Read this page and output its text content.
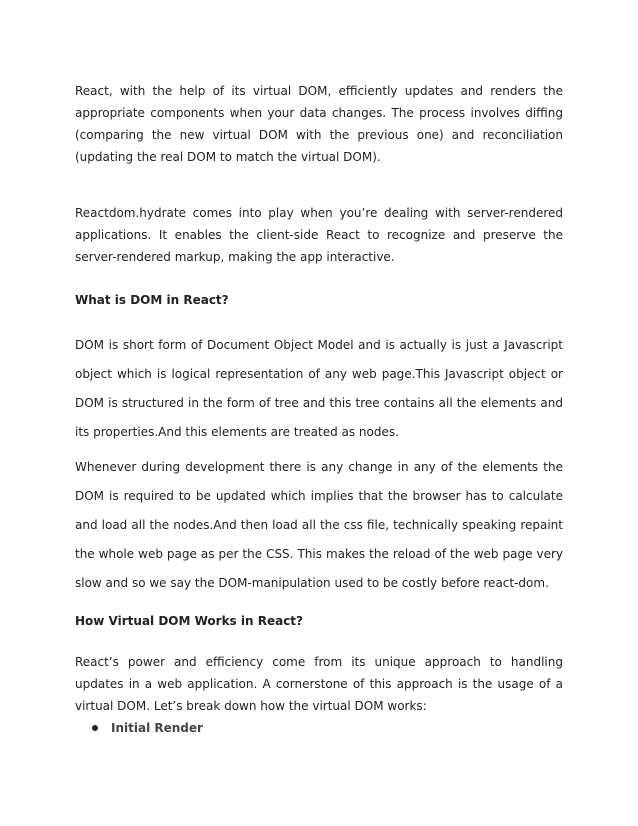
React, with the help of its virtual DOM, efficiently updates and renders the appropriate components when your data changes. The process involves diffing (comparing the new virtual DOM with the previous one) and reconciliation (updating the real DOM to match the virtual DOM).

Reactdom.hydrate comes into play when you’re dealing with server-rendered applications. It enables the client-side React to recognize and preserve the server-rendered markup, making the app interactive.

What is DOM in React?

DOM is short form of Document Object Model and is actually is just a Javascript object which is logical representation of any web page.This Javascript object or DOM is structured in the form of tree and this tree contains all the elements and its properties.And this elements are treated as nodes.

Whenever during development there is any change in any of the elements the DOM is required to be updated which implies that the browser has to calculate and load all the nodes.And then load all the css file, technically speaking repaint the whole web page as per the CSS. This makes the reload of the web page very slow and so we say the DOM-manipulation used to be costly before react-dom.

How Virtual DOM Works in React?

React’s power and efficiency come from its unique approach to handling updates in a web application. A cornerstone of this approach is the usage of a virtual DOM. Let’s break down how the virtual DOM works:

Initial Render
